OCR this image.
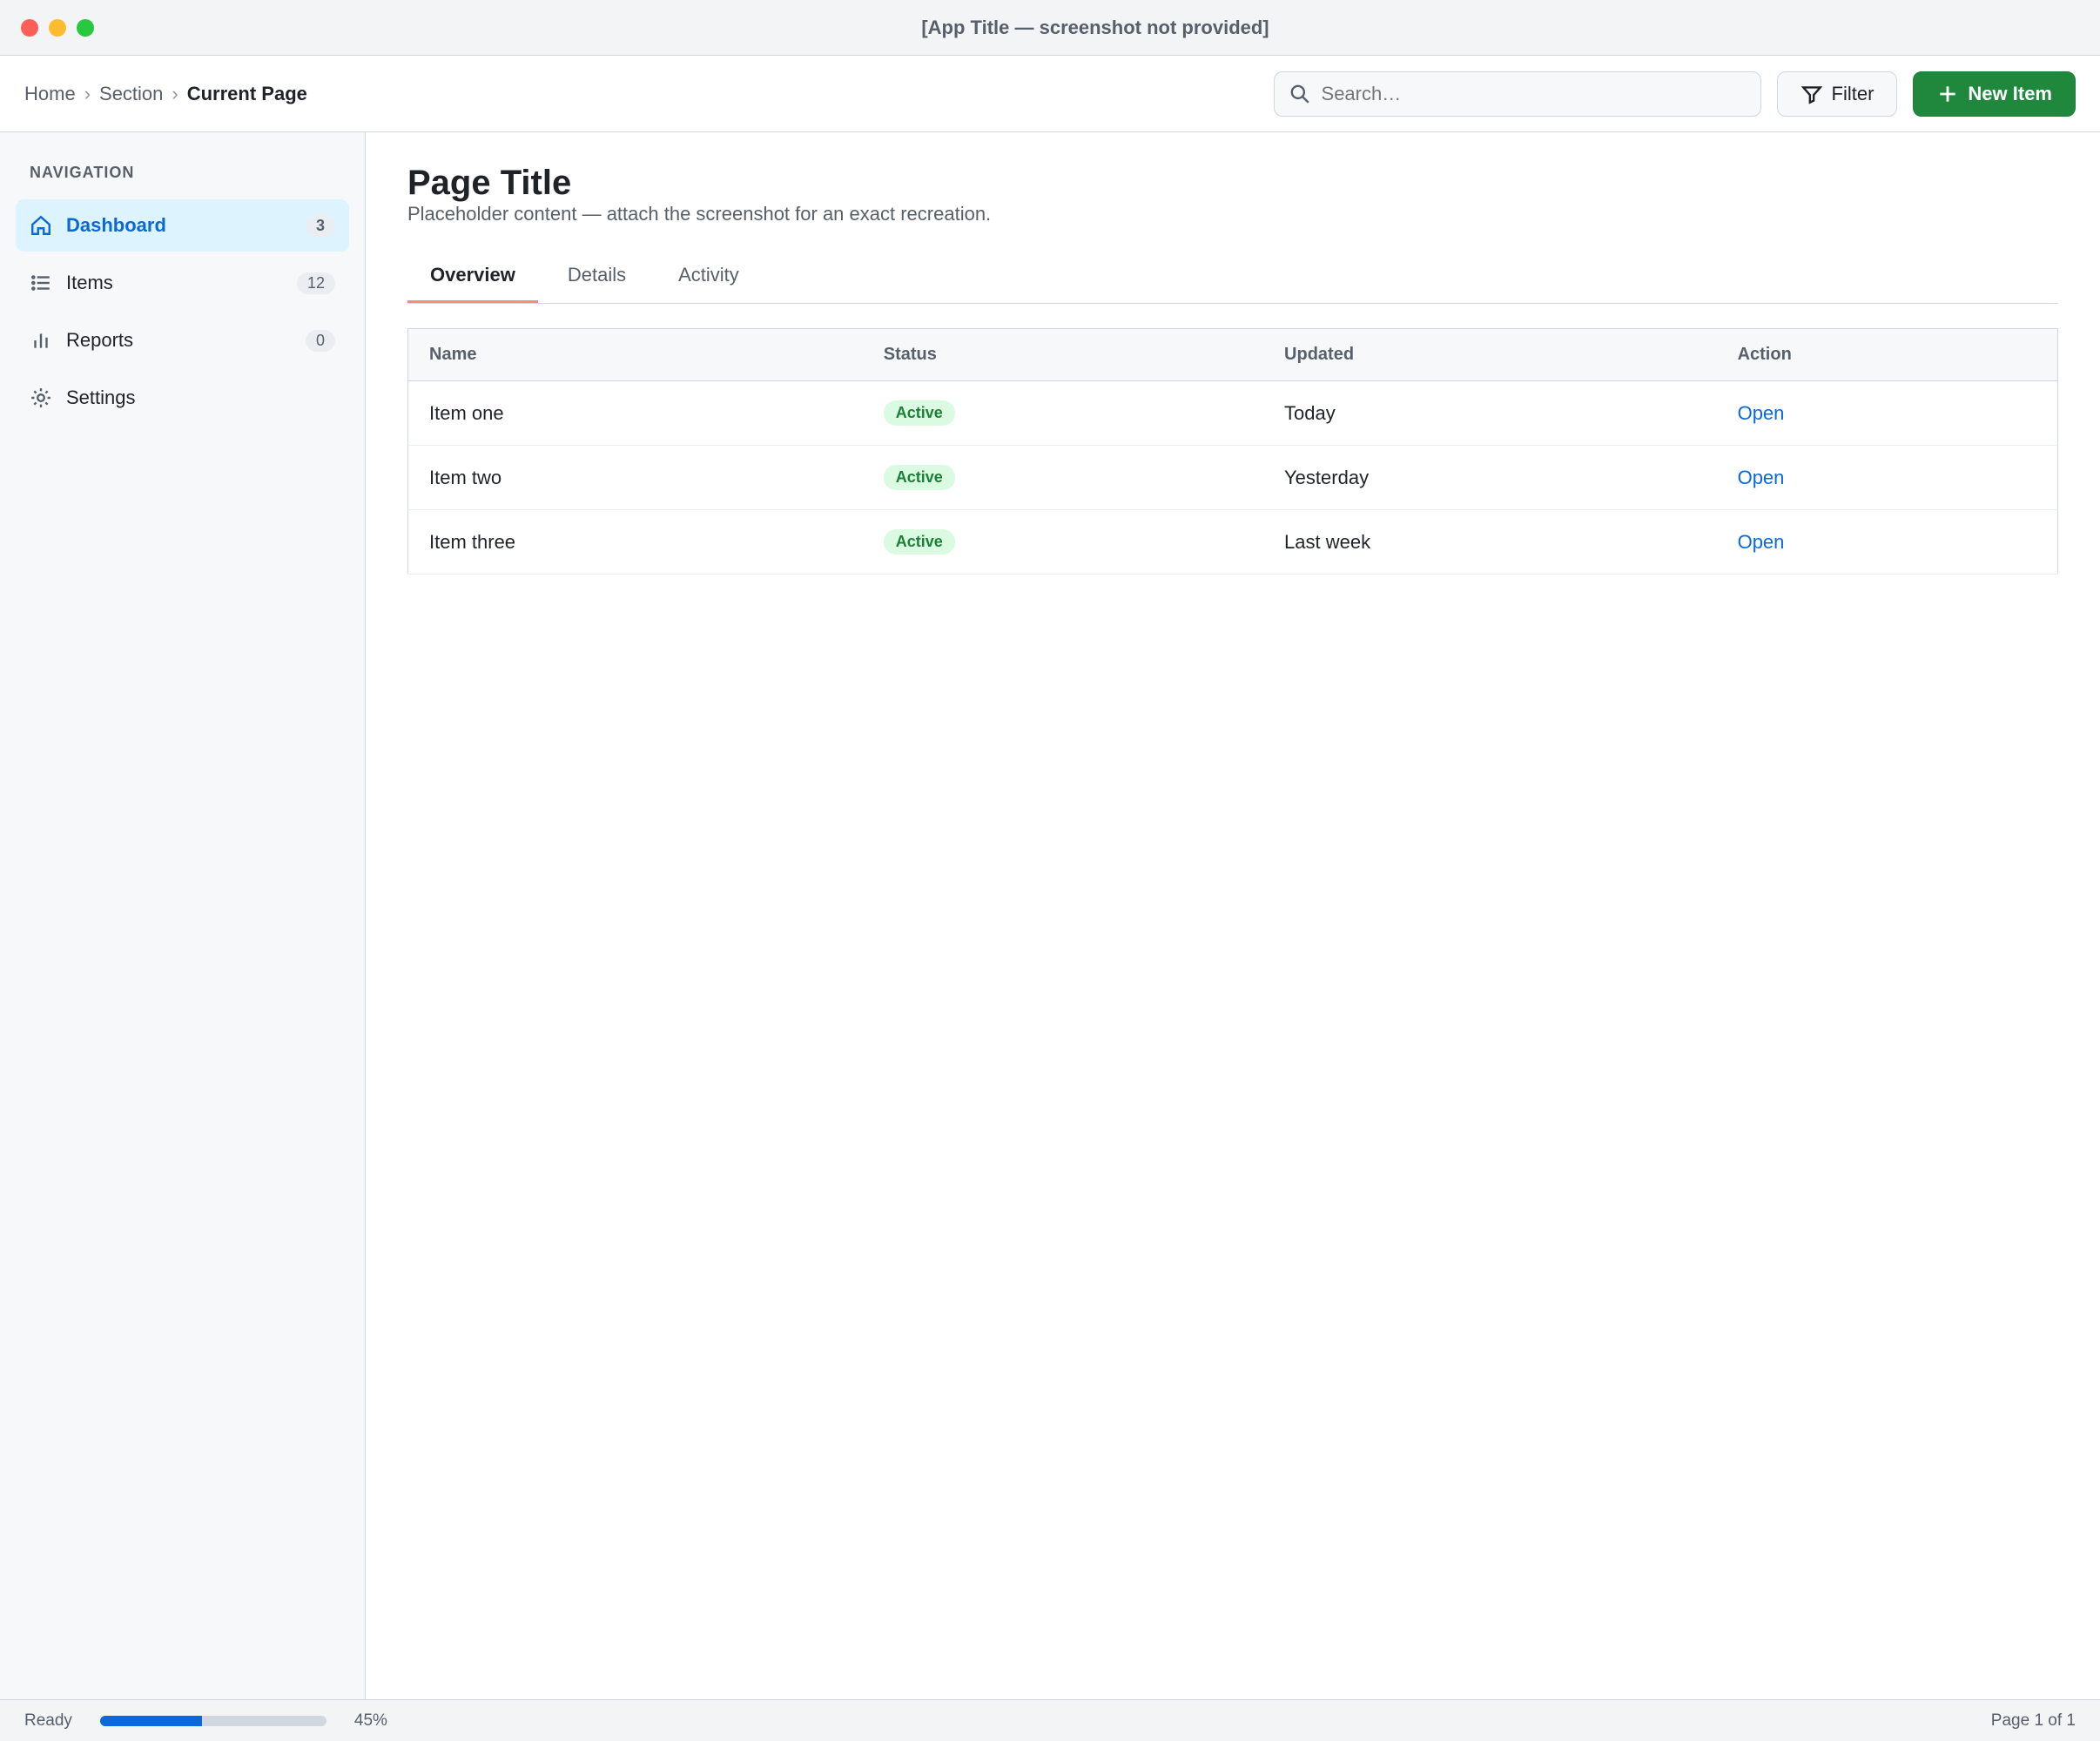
[App Title — screenshot not provided]
Home › Section › Current Page
Search…	Filter	New Item
NAVIGATION
Dashboard	3
Items	12
Reports	0
Settings
Page Title
Placeholder content — attach the screenshot for an exact recreation.
Overview	Details	Activity
Name	Status	Updated	Action
Item one	Active	Today	Open
Item two	Active	Yesterday	Open
Item three	Active	Last week	Open
Ready	45%	Page 1 of 1
